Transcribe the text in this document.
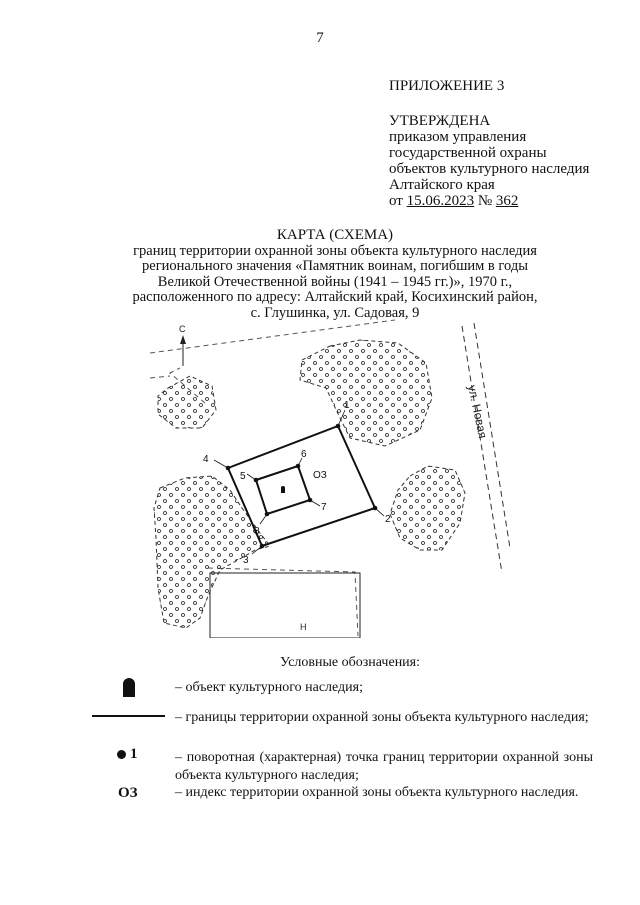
7
ПРИЛОЖЕНИЕ 3
УТВЕРЖДЕНА
приказом управления
государственной охраны
объектов культурного наследия
Алтайского края
от 15.06.2023 № 362
КАРТА (СХЕМА)
границ территории охранной зоны объекта культурного наследия
регионального значения «Памятник воинам, погибшим в годы
Великой Отечественной войны (1941 – 1945 гг.)», 1970 г.,
расположенного по адресу: Алтайский край, Косихинский район,
с. Глушинка, ул. Садовая, 9
Н
С
ул. Новая
1
2
3
4
5
6
7
8
ОЗ
Условные обозначения:
– объект культурного наследия;
– границы территории охранной зоны объекта культурного наследия;
1	– поворотная (характерная) точка границ территории охранной зоны объекта культурного наследия;
ОЗ	– индекс территории охранной зоны объекта культурного наследия.
